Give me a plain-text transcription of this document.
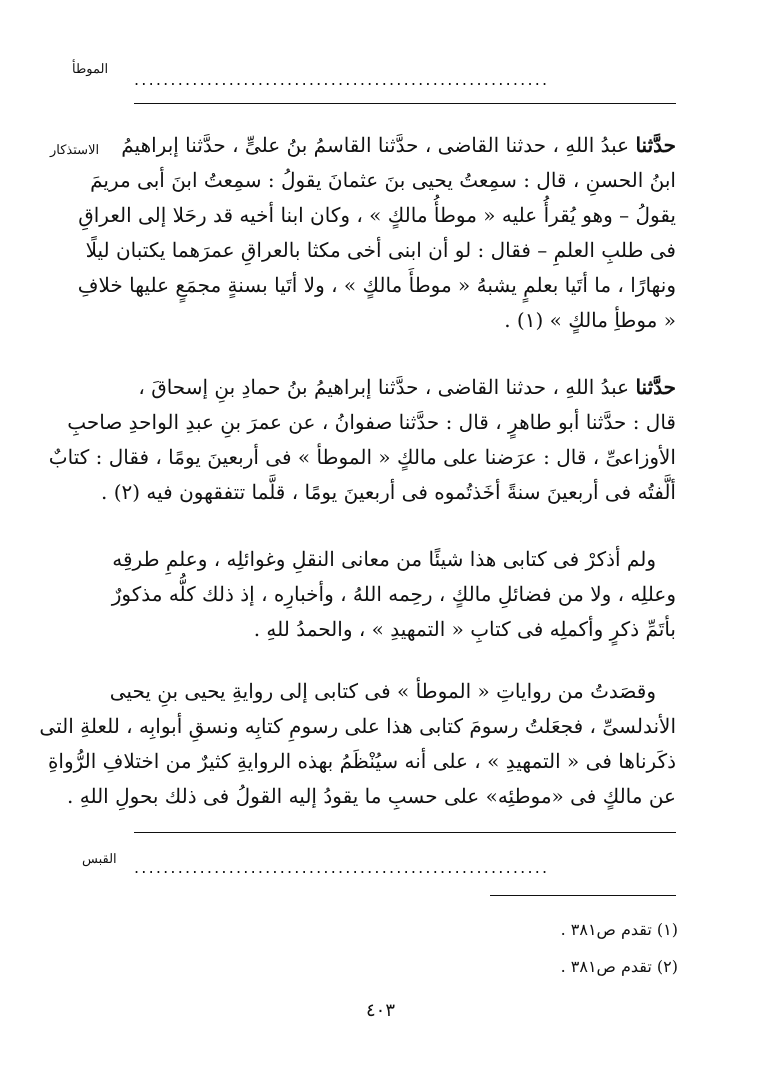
الموطأ
.........................................................
الاستذكار	حدَّثنا عبدُ اللهِ ، حدثنا القاضى ، حدَّثنا القاسمُ بنُ علىٍّ ، حدَّثنا إبراهيمُ
ابنُ الحسنِ ، قال : سمِعتُ يحيى بنَ عثمانَ يقولُ : سمِعتُ ابنَ أبى مريمَ
يقولُ – وهو يُقرأُ عليه « موطأُ مالكٍ » ، وكان ابنا أخيه قد رحَلا إلى العراقِ
فى طلبِ العلمِ – فقال : لو أن ابنى أخى مكثا بالعراقِ عمرَهما يكتبان ليلًا
ونهارًا ، ما أتَيا بعلمٍ يشبهُ « موطأَ مالكٍ » ، ولا أتَيا بسنةٍ مجمَعٍ عليها خلافِ
« موطأِ مالكٍ » (١) .
حدَّثنا عبدُ اللهِ ، حدثنا القاضى ، حدَّثنا إبراهيمُ بنُ حمادِ بنِ إسحاقَ ،
قال : حدَّثنا أبو طاهرٍ ، قال : حدَّثنا صفوانُ ، عن عمرَ بنِ عبدِ الواحدِ صاحبِ
الأوزاعىِّ ، قال : عرَضنا على مالكٍ « الموطأ » فى أربعينَ يومًا ، فقال : كتابٌ
ألَّفتُه فى أربعينَ سنةً أخَذتُموه فى أربعينَ يومًا ، قلَّما تتفقهون فيه (٢) .
ولم أذكرْ فى كتابى هذا شيئًا من معانى النقلِ وغوائلِه ، وعلمِ طرقِه
وعللِه ، ولا من فضائلِ مالكٍ ، رحِمه اللهُ ، وأخبارِه ، إذ ذلك كلُّه مذكورٌ
بأتَمِّ ذكرٍ وأكملِه فى كتابِ « التمهيدِ » ، والحمدُ للهِ .
وقصَدتُ من رواياتِ « الموطأ » فى كتابى إلى روايةِ يحيى بنِ يحيى
الأندلسىِّ ، فجعَلتُ رسومَ كتابى هذا على رسومِ كتابِه ونسقِ أبوابِه ، للعلةِ التى
ذكَرناها فى « التمهيدِ » ، على أنه سيُنْظَمُ بهذه الروايةِ كثيرٌ من اختلافِ الرُّواةِ
عن مالكٍ فى «موطئِه» على حسبِ ما يقودُ إليه القولُ فى ذلك بحولِ اللهِ .
القبس .........................................................
(١) تقدم ص٣٨١ .
(٢) تقدم ص٣٨١ .
٤٠٣
